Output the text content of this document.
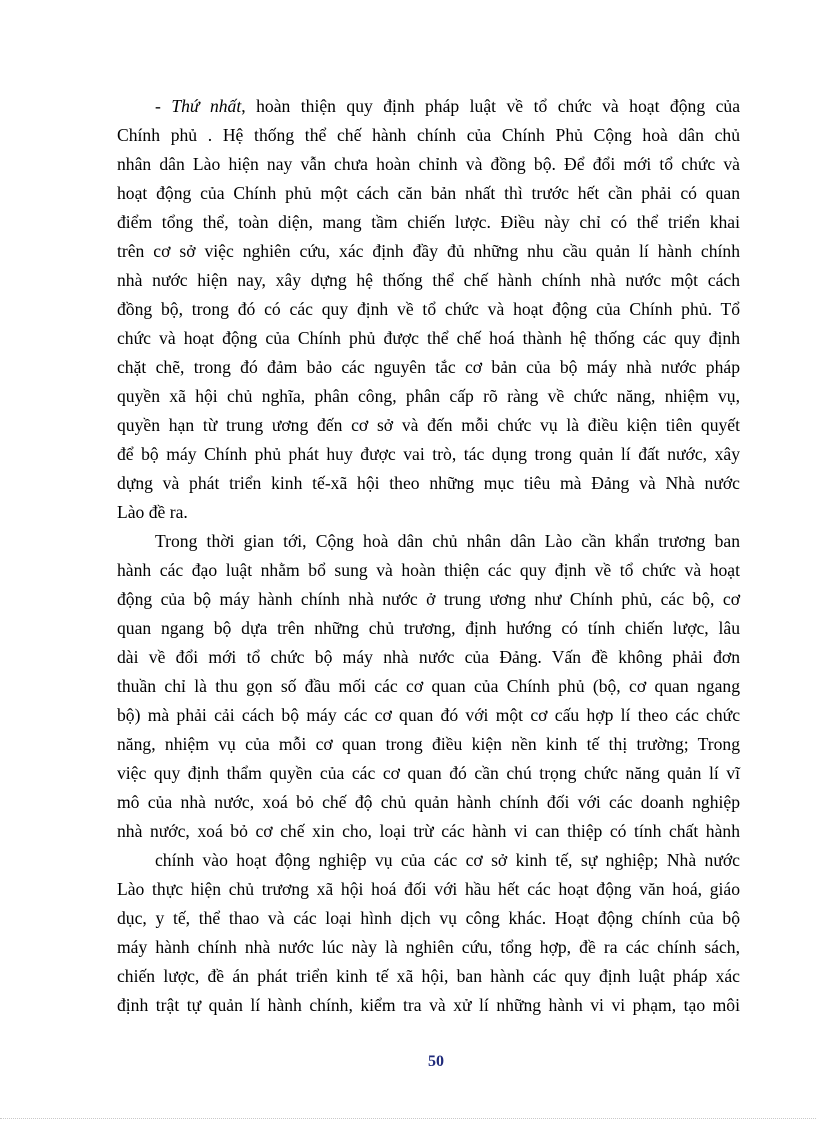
- Thứ nhất, hoàn thiện quy định pháp luật về tổ chức và hoạt động của
Chính phủ . Hệ thống thể chế hành chính của Chính Phủ Cộng hoà dân chủ
nhân dân Lào hiện nay vẫn chưa hoàn chỉnh và đồng bộ. Để đổi mới tổ chức và
hoạt động của Chính phủ một cách căn bản nhất thì trước hết cần phải có quan
điểm tổng thể, toàn diện, mang tầm chiến lược. Điều này chỉ có thể triển khai
trên cơ sở việc nghiên cứu, xác định đầy đủ những nhu cầu quản lí hành chính
nhà nước hiện nay, xây dựng hệ thống thể chế hành chính nhà nước một cách
đồng bộ, trong đó có các quy định về tổ chức và hoạt động của Chính phủ. Tổ
chức và hoạt động của Chính phủ được thể chế hoá thành hệ thống các quy định
chặt chẽ, trong đó đảm bảo các nguyên tắc cơ bản của bộ máy nhà nước pháp
quyền xã hội chủ nghĩa, phân công, phân cấp rõ ràng về chức năng, nhiệm vụ,
quyền hạn từ trung ương đến cơ sở và đến mỗi chức vụ là điều kiện tiên quyết
để bộ máy Chính phủ phát huy được vai trò, tác dụng trong quản lí đất nước, xây
dựng và phát triển kinh tế-xã hội theo những mục tiêu mà Đảng và Nhà nước
Lào đề ra.
Trong thời gian tới, Cộng hoà dân chủ nhân dân Lào cần khẩn trương ban
hành các đạo luật nhằm bổ sung và hoàn thiện các quy định về tổ chức và hoạt
động của bộ máy hành chính nhà nước ở trung ương như Chính phủ, các bộ, cơ
quan ngang bộ dựa trên những chủ trương, định hướng có tính chiến lược, lâu
dài về đổi mới tổ chức bộ máy nhà nước của Đảng. Vấn đề không phải đơn
thuần chỉ là thu gọn số đầu mối các cơ quan của Chính phủ (bộ, cơ quan ngang
bộ) mà phải cải cách bộ máy các cơ quan đó với một cơ cấu hợp lí theo các chức
năng, nhiệm vụ của mỗi cơ quan trong điều kiện nền kinh tế thị trường; Trong
việc quy định thẩm quyền của các cơ quan đó cần chú trọng chức năng quản lí vĩ
mô của nhà nước, xoá bỏ chế độ chủ quản hành chính đối với các doanh nghiệp
nhà nước, xoá bỏ cơ chế xin cho, loại trừ các hành vi can thiệp có tính chất hành
chính vào hoạt động nghiệp vụ của các cơ sở kinh tế, sự nghiệp; Nhà nước
Lào thực hiện chủ trương xã hội hoá đối với hầu hết các hoạt động văn hoá, giáo
dục, y tế, thể thao và các loại hình dịch vụ công khác. Hoạt động chính của bộ
máy hành chính nhà nước lúc này là nghiên cứu, tổng hợp, đề ra các chính sách,
chiến lược, đề án phát triển kinh tế xã hội, ban hành các quy định luật pháp xác
định trật tự quản lí hành chính, kiểm tra và xử lí những hành vi vi phạm, tạo môi
50
